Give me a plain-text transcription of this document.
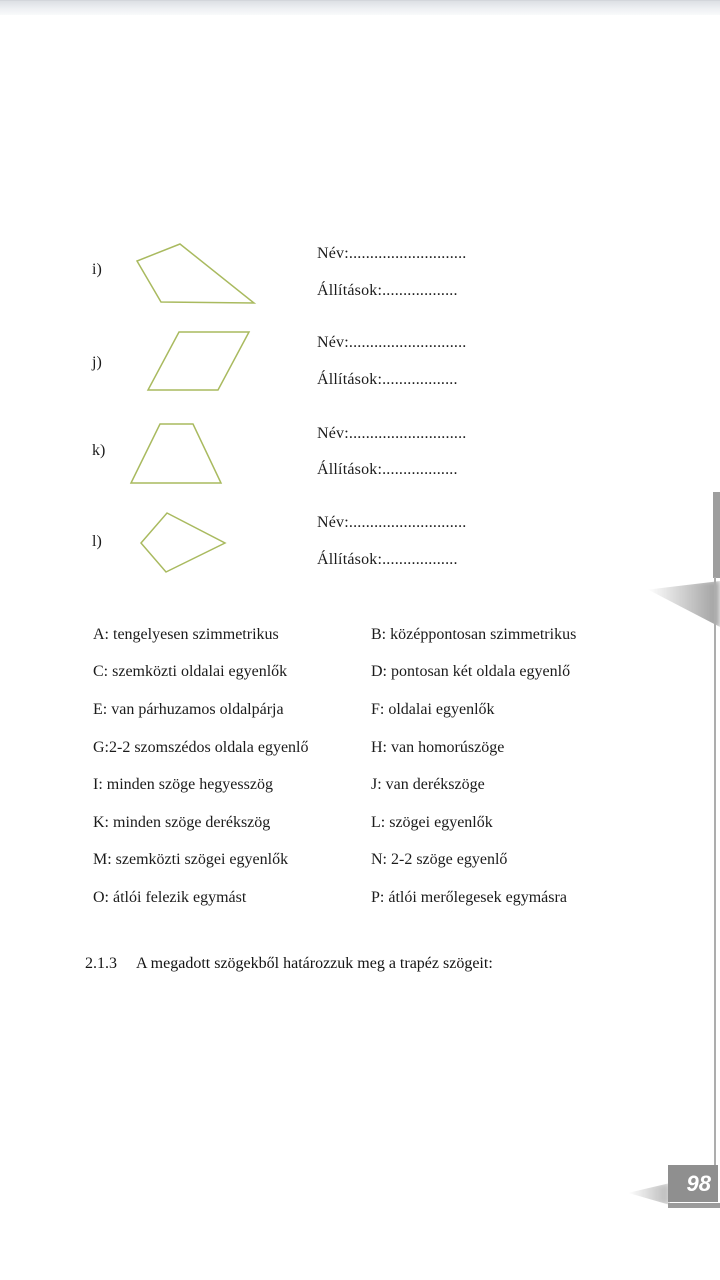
i)
Név:............................
Állítások:..................
j)
Név:............................
Állítások:..................
k)
Név:............................
Állítások:..................
l)
Név:............................
Állítások:..................
A: tengelyesen szimmetrikus	B: középpontosan szimmetrikus
C: szemközti oldalai egyenlők	D: pontosan két oldala egyenlő
E: van párhuzamos oldalpárja	F: oldalai egyenlők
G:2-2 szomszédos oldala egyenlő	H: van homorúszöge
I: minden szöge hegyesszög	J: van derékszöge
K: minden szöge derékszög	L: szögei egyenlők
M: szemközti szögei egyenlők	N: 2-2 szöge egyenlő
O: átlói felezik egymást	P: átlói merőlegesek egymásra
2.1.3 A megadott szögekből határozzuk meg a trapéz szögeit:
98
